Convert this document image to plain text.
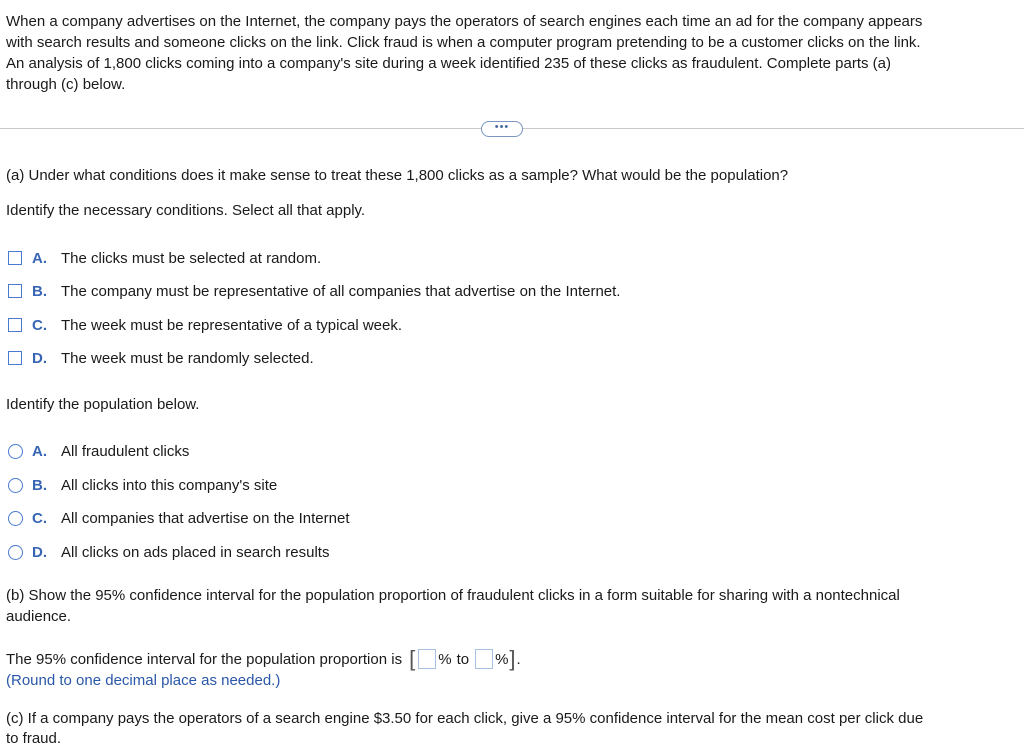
When a company advertises on the Internet, the company pays the operators of search engines each time an ad for the company appears
with search results and someone clicks on the link. Click fraud is when a computer program pretending to be a customer clicks on the link.
An analysis of 1,800 clicks coming into a company's site during a week identified 235 of these clicks as fraudulent. Complete parts (a)
through (c) below.
•••
(a) Under what conditions does it make sense to treat these 1,800 clicks as a sample? What would be the population?
Identify the necessary conditions. Select all that apply.
A. The clicks must be selected at random.
B. The company must be representative of all companies that advertise on the Internet.
C. The week must be representative of a typical week.
D. The week must be randomly selected.
Identify the population below.
A. All fraudulent clicks
B. All clicks into this company's site
C. All companies that advertise on the Internet
D. All clicks on ads placed in search results
(b) Show the 95% confidence interval for the population proportion of fraudulent clicks in a form suitable for sharing with a nontechnical
audience.
The 95% confidence interval for the population proportion is [ % to % ] .
(Round to one decimal place as needed.)
(c) If a company pays the operators of a search engine $3.50 for each click, give a 95% confidence interval for the mean cost per click due
to fraud.
